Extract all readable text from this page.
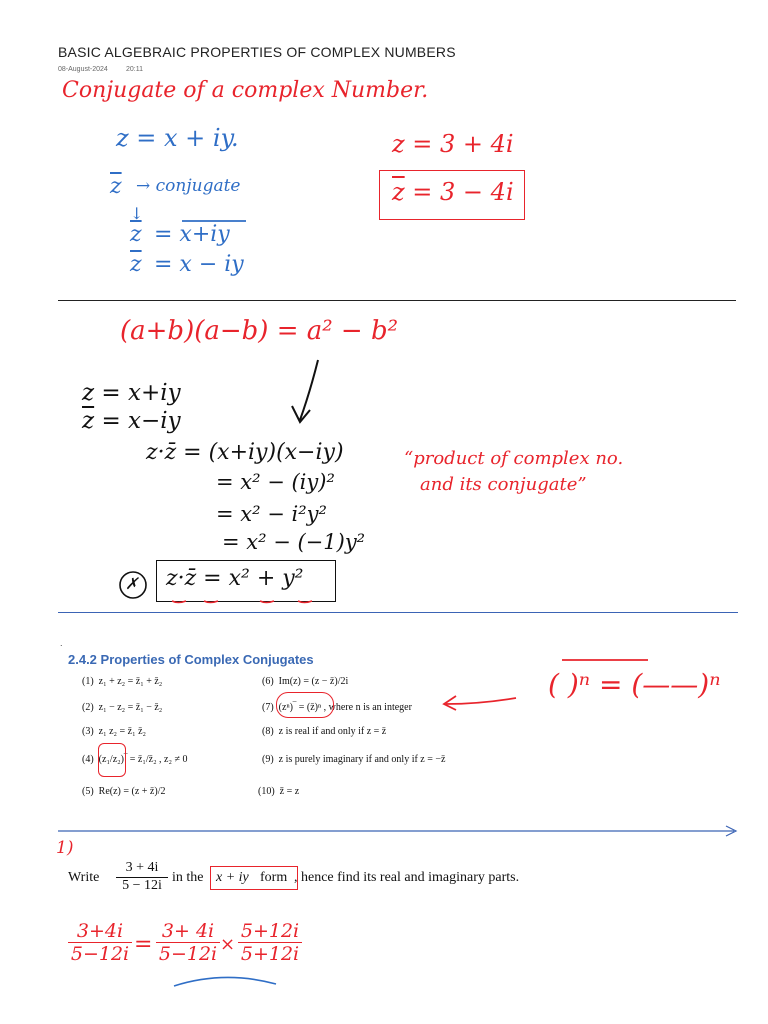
BASIC ALGEBRAIC PROPERTIES OF COMPLEX NUMBERS
08-August-2024	20:11
Conjugate of a complex Number.
z = x + iy.
$\overline{z}$ → conjugate
↓
$\overline{z} = x+iy$
$\overline{z} = x$ − iy
z = 3 + 4i
$\overline{z} = 3 - 4i$
(a+b)(a−b) = a² − b²
z = x+iy
$\overline{z} = x-iy$
z·z̄ = (x+iy)(x−iy)
= x² − (iy)²
= x² − i²y²
= x² − (−1)y²
✗ z·z̄ = x² + y²
“product of complex no.
and its conjugate”
.
2.4.2 Properties of Complex Conjugates
(1) z₁ + z₂ = z̄₁ + z̄₂
(2) z₁ − z₂ = z̄₁ − z̄₂
(3) z₁ z₂ = z̄₁ z̄₂
(4) (z₁/z₂)‾ = z̄₁/z̄₂ , z₂ ≠ 0
(5) Re(z) = (z + z̄)/2
(6) Im(z) = (z − z̄)/2i
(7) (zⁿ)‾ = (z̄)ⁿ , where n is an integer
(8) z is real if and only if z = z̄
(9) z is purely imaginary if and only if z = −z̄
(10) z̄̄ = z
( )ⁿ = (——)ⁿ
1)
Write $\frac{3 + 4i}{5 - 12i}$ in the x + iy form , hence find its real and imaginary parts.
$\frac{3+4i}{5-12i} = \frac{3+ 4i}{5-12i} \times \frac{5+12i}{5+12i}$
